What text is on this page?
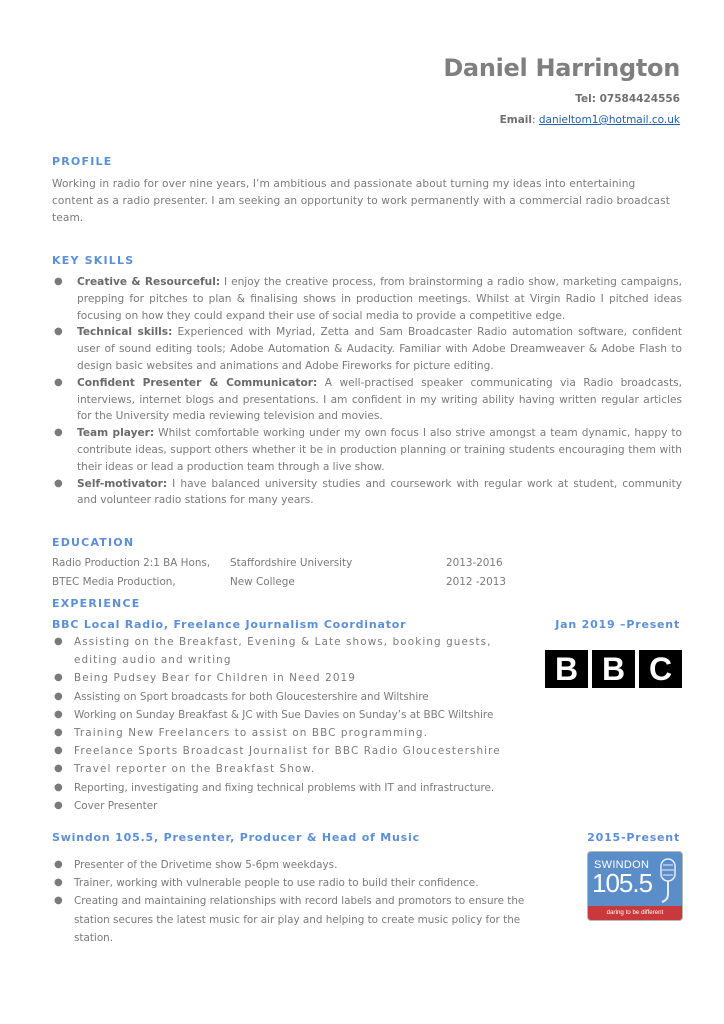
Daniel Harrington
Tel: 07584424556
Email: danieltom1@hotmail.co.uk
PROFILE
Working in radio for over nine years, I’m ambitious and passionate about turning my ideas into entertaining content as a radio presenter. I am seeking an opportunity to work permanently with a commercial radio broadcast team.
KEY SKILLS
● Creative & Resourceful: I enjoy the creative process, from brainstorming a radio show, marketing campaigns, prepping for pitches to plan & finalising shows in production meetings. Whilst at Virgin Radio I pitched ideas focusing on how they could expand their use of social media to provide a competitive edge.
● Technical skills: Experienced with Myriad, Zetta and Sam Broadcaster Radio automation software, confident user of sound editing tools; Adobe Automation & Audacity. Familiar with Adobe Dreamweaver & Adobe Flash to design basic websites and animations and Adobe Fireworks for picture editing.
● Confident Presenter & Communicator: A well-practised speaker communicating via Radio broadcasts, interviews, internet blogs and presentations. I am confident in my writing ability having written regular articles for the University media reviewing television and movies.
● Team player: Whilst comfortable working under my own focus I also strive amongst a team dynamic, happy to contribute ideas, support others whether it be in production planning or training students encouraging them with their ideas or lead a production team through a live show.
● Self-motivator: I have balanced university studies and coursework with regular work at student, community and volunteer radio stations for many years.
EDUCATION
Radio Production 2:1 BA Hons, Staffordshire University	2013-2016
BTEC Media Production,	New College	2012 -2013
EXPERIENCE
BBC Local Radio, Freelance Journalism Coordinator	Jan 2019 –Present
B B C
● Assisting on the Breakfast, Evening & Late shows, booking guests, editing audio and writing
● Being Pudsey Bear for Children in Need 2019
● Assisting on Sport broadcasts for both Gloucestershire and Wiltshire
● Working on Sunday Breakfast & JC with Sue Davies on Sunday’s at BBC Wiltshire
● Training New Freelancers to assist on BBC programming.
● Freelance Sports Broadcast Journalist for BBC Radio Gloucestershire
● Travel reporter on the Breakfast Show.
● Reporting, investigating and fixing technical problems with IT and infrastructure.
● Cover Presenter
Swindon 105.5, Presenter, Producer & Head of Music	2015-Present
SWINDON
105.5
daring to be different
● Presenter of the Drivetime show 5-6pm weekdays.
● Trainer, working with vulnerable people to use radio to build their confidence.
● Creating and maintaining relationships with record labels and promotors to ensure the station secures the latest music for air play and helping to create music policy for the station.
